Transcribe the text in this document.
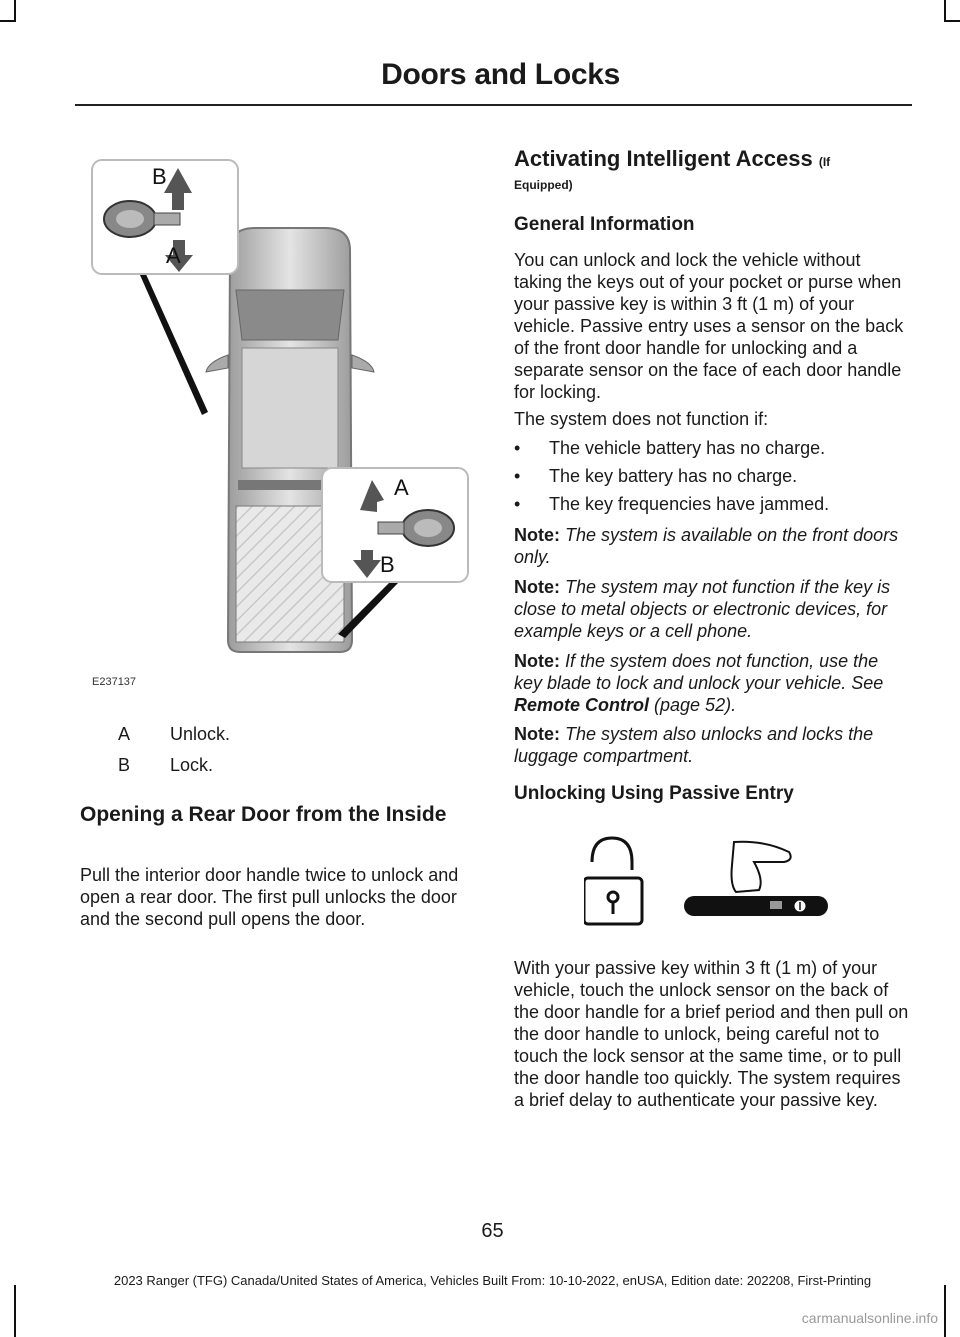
Doors and Locks
B
A
A
B
E237137
A Unlock.
B Lock.
Opening a Rear Door from the Inside
Pull the interior door handle twice to unlock and open a rear door. The first pull unlocks the door and the second pull opens the door.
Activating Intelligent Access (If
Equipped)
General Information
You can unlock and lock the vehicle without taking the keys out of your pocket or purse when your passive key is within 3 ft (1 m) of your vehicle. Passive entry uses a sensor on the back of the front door handle for unlocking and a separate sensor on the face of each door handle for locking.
The system does not function if:
• The vehicle battery has no charge.
• The key battery has no charge.
• The key frequencies have jammed.
Note: The system is available on the front doors only.
Note: The system may not function if the key is close to metal objects or electronic devices, for example keys or a cell phone.
Note: If the system does not function, use the key blade to lock and unlock your vehicle. See Remote Control (page 52).
Note: The system also unlocks and locks the luggage compartment.
Unlocking Using Passive Entry
With your passive key within 3 ft (1 m) of your vehicle, touch the unlock sensor on the back of the door handle for a brief period and then pull on the door handle to unlock, being careful not to touch the lock sensor at the same time, or to pull the door handle too quickly. The system requires a brief delay to authenticate your passive key.
65
2023 Ranger (TFG) Canada/United States of America, Vehicles Built From: 10-10-2022, enUSA, Edition date: 202208, First-Printing
carmanualsonline.info
